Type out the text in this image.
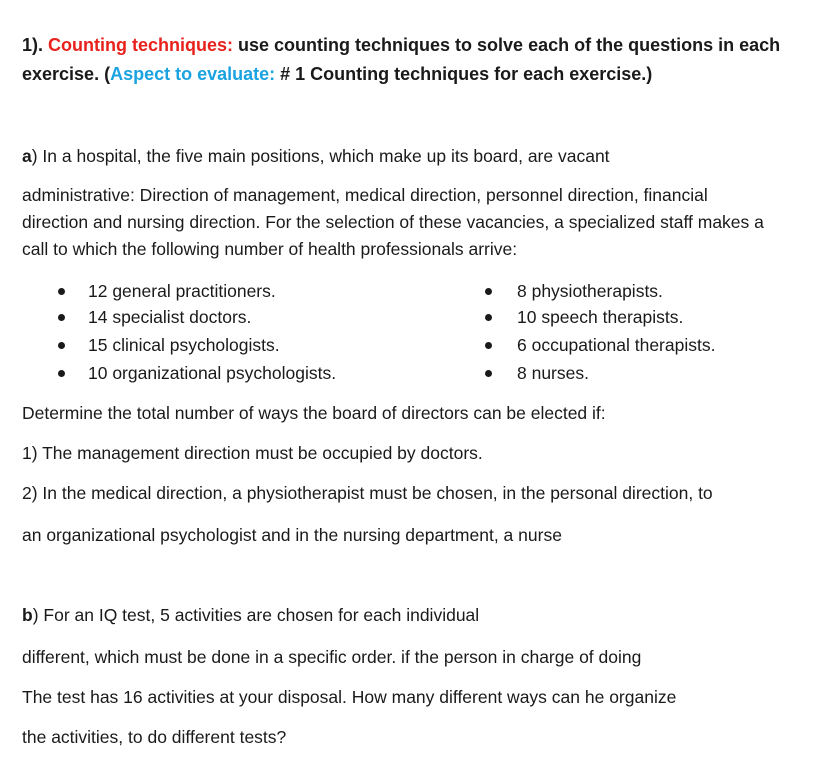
1). Counting techniques: use counting techniques to solve each of the questions in each
exercise. (Aspect to evaluate: # 1 Counting techniques for each exercise.)
a) In a hospital, the five main positions, which make up its board, are vacant
administrative: Direction of management, medical direction, personnel direction, financial
direction and nursing direction. For the selection of these vacancies, a specialized staff makes a
call to which the following number of health professionals arrive:
12 general practitioners.
14 specialist doctors.
15 clinical psychologists.
10 organizational psychologists.
8 physiotherapists.
10 speech therapists.
6 occupational therapists.
8 nurses.
Determine the total number of ways the board of directors can be elected if:
1) The management direction must be occupied by doctors.
2) In the medical direction, a physiotherapist must be chosen, in the personal direction, to
an organizational psychologist and in the nursing department, a nurse
b) For an IQ test, 5 activities are chosen for each individual
different, which must be done in a specific order. if the person in charge of doing
The test has 16 activities at your disposal. How many different ways can he organize
the activities, to do different tests?
